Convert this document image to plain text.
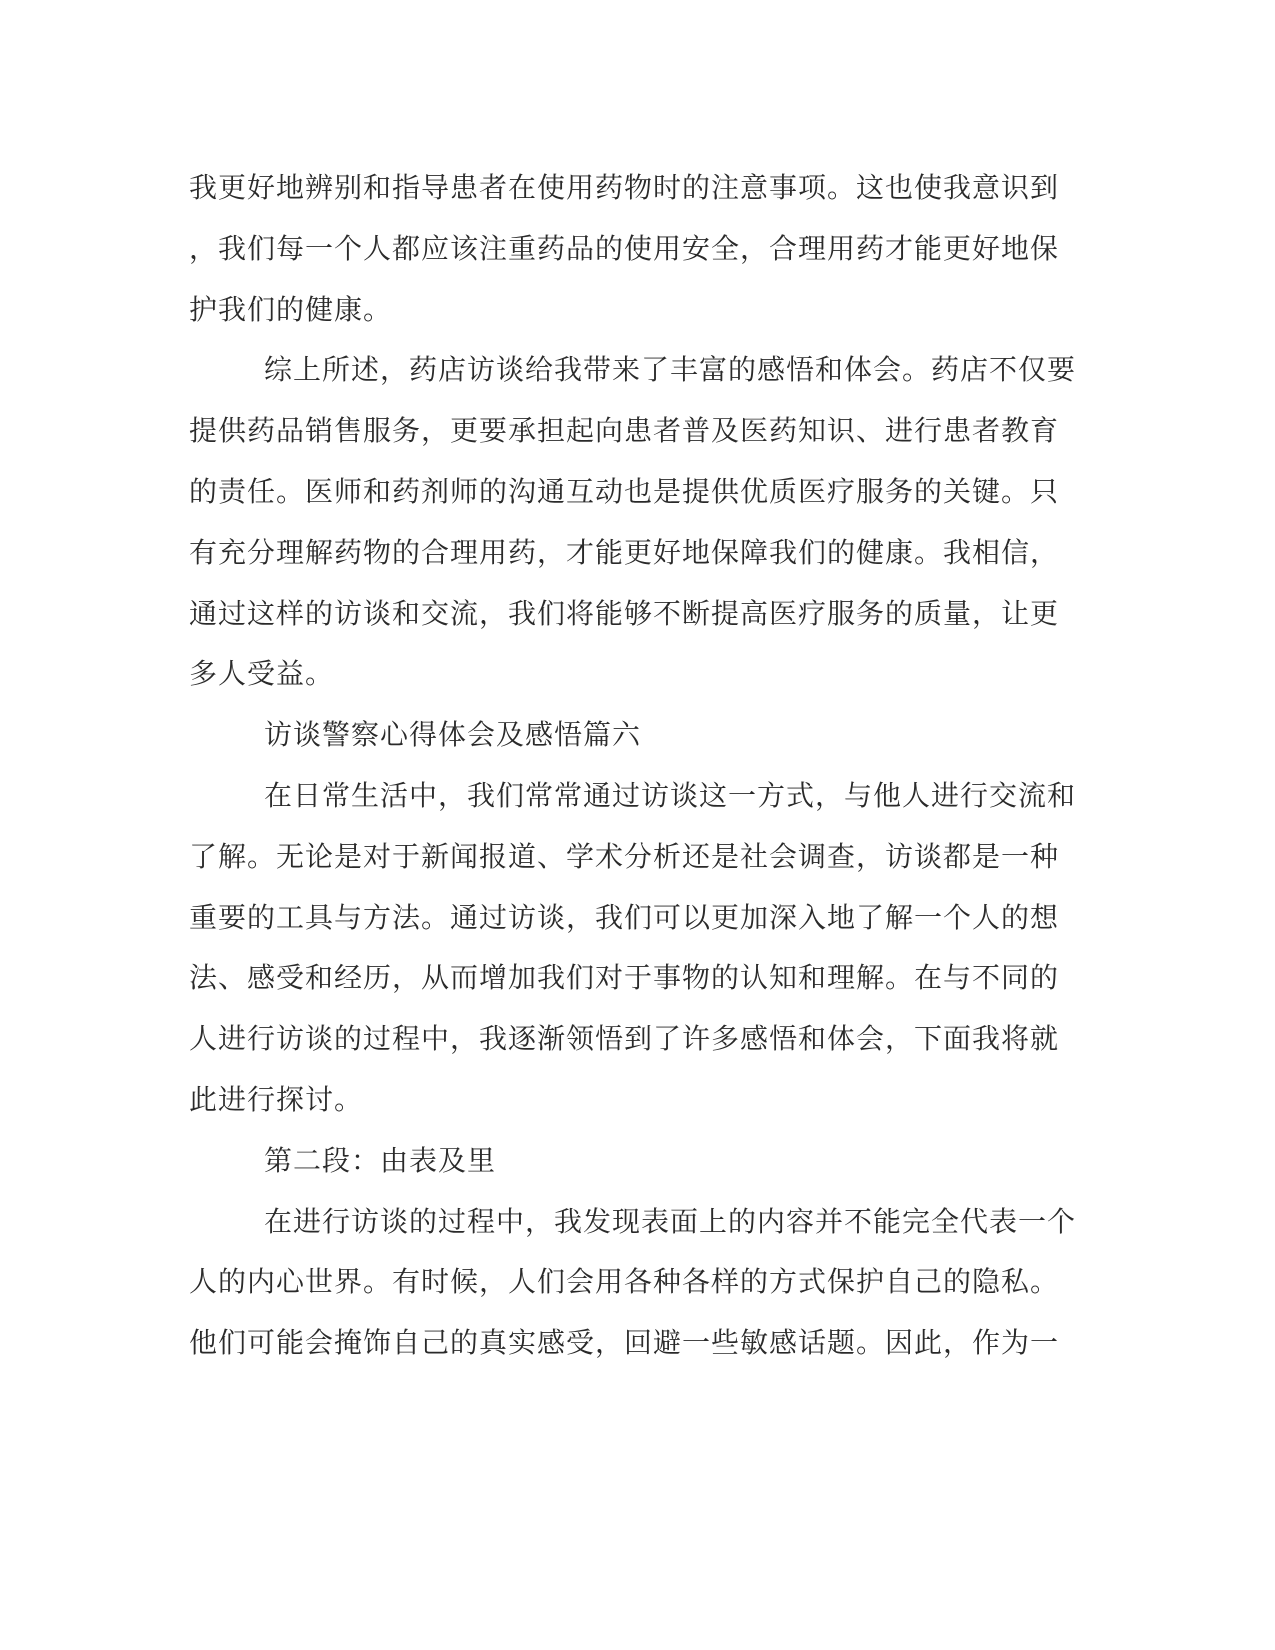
我更好地辨别和指导患者在使用药物时的注意事项。这也使我意识到
，我们每一个人都应该注重药品的使用安全，合理用药才能更好地保
护我们的健康。
综上所述，药店访谈给我带来了丰富的感悟和体会。药店不仅要
提供药品销售服务，更要承担起向患者普及医药知识、进行患者教育
的责任。医师和药剂师的沟通互动也是提供优质医疗服务的关键。只
有充分理解药物的合理用药，才能更好地保障我们的健康。我相信，
通过这样的访谈和交流，我们将能够不断提高医疗服务的质量，让更
多人受益。
访谈警察心得体会及感悟篇六
在日常生活中，我们常常通过访谈这一方式，与他人进行交流和
了解。无论是对于新闻报道、学术分析还是社会调查，访谈都是一种
重要的工具与方法。通过访谈，我们可以更加深入地了解一个人的想
法、感受和经历，从而增加我们对于事物的认知和理解。在与不同的
人进行访谈的过程中，我逐渐领悟到了许多感悟和体会，下面我将就
此进行探讨。
第二段：由表及里
在进行访谈的过程中，我发现表面上的内容并不能完全代表一个
人的内心世界。有时候，人们会用各种各样的方式保护自己的隐私。
他们可能会掩饰自己的真实感受，回避一些敏感话题。因此，作为一
